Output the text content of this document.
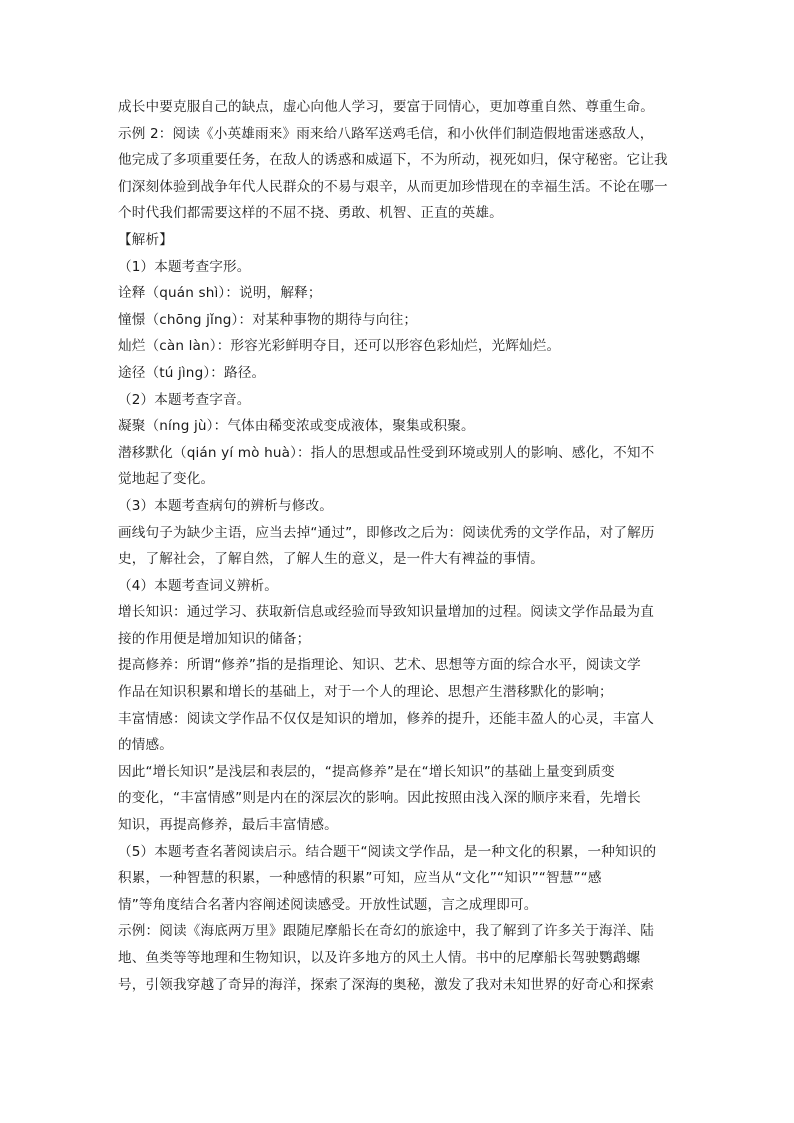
成长中要克服自己的缺点，虚心向他人学习，要富于同情心，更加尊重自然、尊重生命。
示例 2：阅读《小英雄雨来》雨来给八路军送鸡毛信，和小伙伴们制造假地雷迷惑敌人，
他完成了多项重要任务，在敌人的诱惑和威逼下，不为所动，视死如归，保守秘密。它让我
们深刻体验到战争年代人民群众的不易与艰辛，从而更加珍惜现在的幸福生活。不论在哪一
个时代我们都需要这样的不屈不挠、勇敢、机智、正直的英雄。
【解析】
（1）本题考查字形。
诠释（quán shì）：说明，解释；
憧憬（chōng jǐng）：对某种事物的期待与向往；
灿烂（càn làn）：形容光彩鲜明夺目，还可以形容色彩灿烂，光辉灿烂。
途径（tú jìng）：路径。
（2）本题考查字音。
凝聚（níng jù）：气体由稀变浓或变成液体，聚集或积聚。
潜移默化（qián yí mò huà）：指人的思想或品性受到环境或别人的影响、感化，不知不
觉地起了变化。
（3）本题考查病句的辨析与修改。
画线句子为缺少主语，应当去掉“通过”，即修改之后为：阅读优秀的文学作品，对了解历
史，了解社会，了解自然，了解人生的意义，是一件大有裨益的事情。
（4）本题考查词义辨析。
增长知识：通过学习、获取新信息或经验而导致知识量增加的过程。阅读文学作品最为直
接的作用便是增加知识的储备；
提高修养：所谓“修养”指的是指理论、知识、艺术、思想等方面的综合水平，阅读文学
作品在知识积累和增长的基础上，对于一个人的理论、思想产生潜移默化的影响；
丰富情感：阅读文学作品不仅仅是知识的增加，修养的提升，还能丰盈人的心灵，丰富人
的情感。
因此“增长知识”是浅层和表层的，“提高修养”是在“增长知识”的基础上量变到质变
的变化，“丰富情感”则是内在的深层次的影响。因此按照由浅入深的顺序来看，先增长
知识，再提高修养，最后丰富情感。
（5）本题考查名著阅读启示。结合题干“阅读文学作品，是一种文化的积累，一种知识的
积累，一种智慧的积累，一种感情的积累”可知，应当从“文化”“知识”“智慧”“感
情”等角度结合名著内容阐述阅读感受。开放性试题，言之成理即可。
示例：阅读《海底两万里》跟随尼摩船长在奇幻的旅途中，我了解到了许多关于海洋、陆
地、鱼类等等地理和生物知识，以及许多地方的风土人情。书中的尼摩船长驾驶鹦鹉螺
号，引领我穿越了奇异的海洋，探索了深海的奥秘，激发了我对未知世界的好奇心和探索
